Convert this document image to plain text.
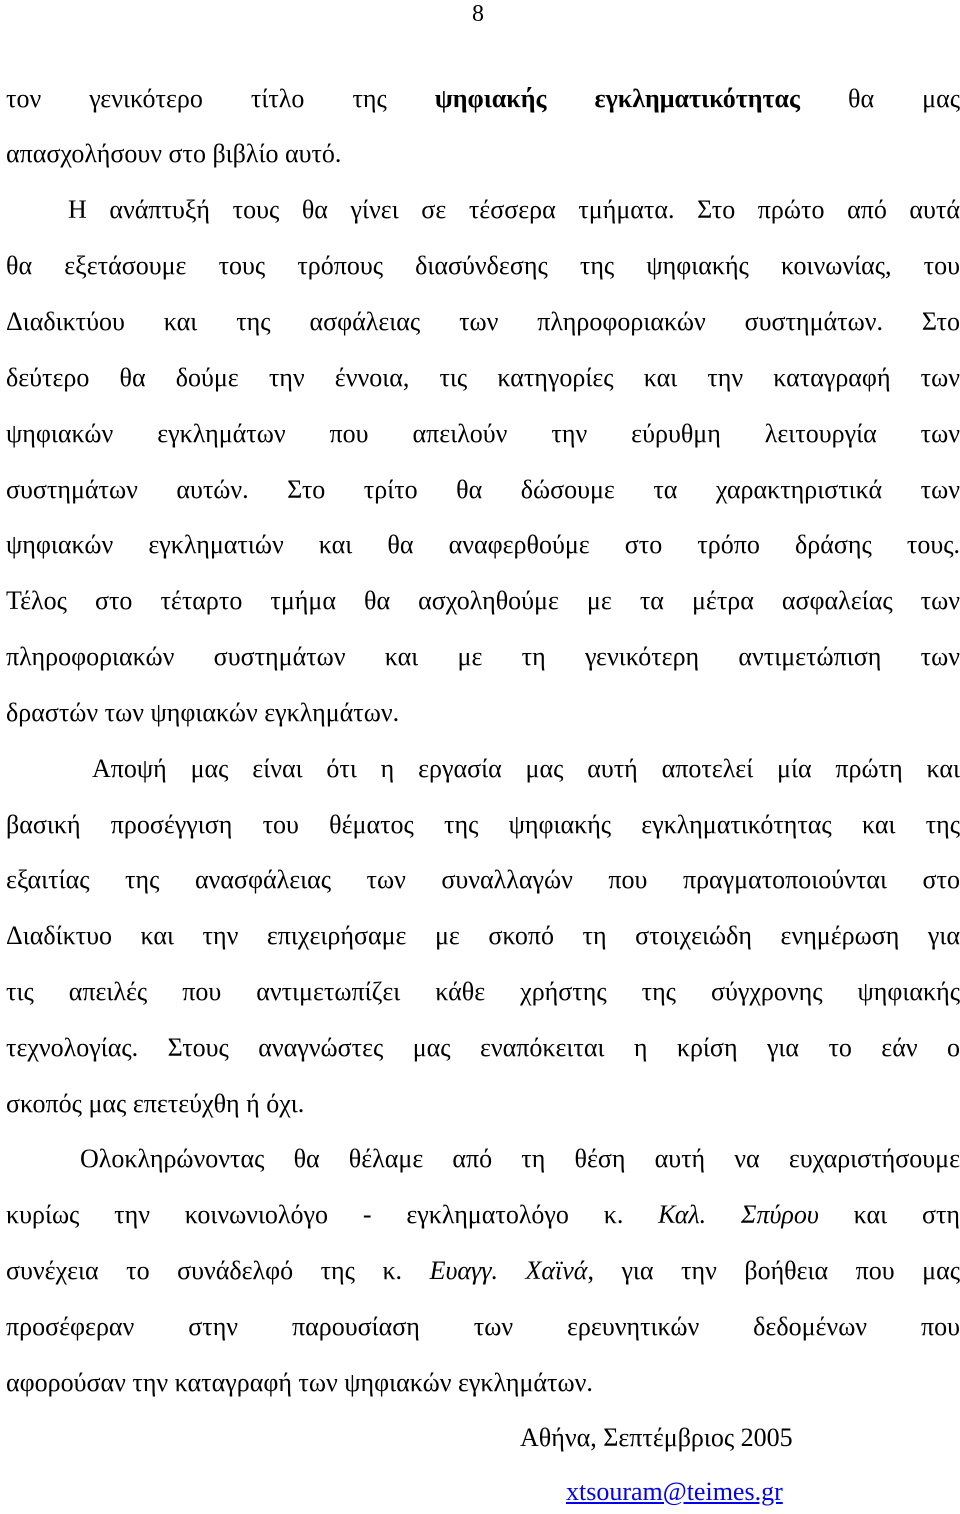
8
τον γενικότερο τίτλο της ψηφιακής εγκληματικότητας θα μας
απασχολήσουν στο βιβλίο αυτό.
Η ανάπτυξή τους θα γίνει σε τέσσερα τμήματα. Στο πρώτο από αυτά
θα εξετάσουμε τους τρόπους διασύνδεσης της ψηφιακής κοινωνίας, του
Διαδικτύου και της ασφάλειας των πληροφοριακών συστημάτων. Στο
δεύτερο θα δούμε την έννοια, τις κατηγορίες και την καταγραφή των
ψηφιακών εγκλημάτων που απειλούν την εύρυθμη λειτουργία των
συστημάτων αυτών. Στο τρίτο θα δώσουμε τα χαρακτηριστικά των
ψηφιακών εγκληματιών και θα αναφερθούμε στο τρόπο δράσης τους.
Τέλος στο τέταρτο τμήμα θα ασχοληθούμε με τα μέτρα ασφαλείας των
πληροφοριακών συστημάτων και με τη γενικότερη αντιμετώπιση των
δραστών των ψηφιακών εγκλημάτων.
Αποψή μας είναι ότι η εργασία μας αυτή αποτελεί μία πρώτη και
βασική προσέγγιση του θέματος της ψηφιακής εγκληματικότητας και της
εξαιτίας της ανασφάλειας των συναλλαγών που πραγματοποιούνται στο
Διαδίκτυο και την επιχειρήσαμε με σκοπό τη στοιχειώδη ενημέρωση για
τις απειλές που αντιμετωπίζει κάθε χρήστης της σύγχρονης ψηφιακής
τεχνολογίας. Στους αναγνώστες μας εναπόκειται η κρίση για το εάν ο
σκοπός μας επετεύχθη ή όχι.
Ολοκληρώνοντας θα θέλαμε από τη θέση αυτή να ευχαριστήσουμε
κυρίως την κοινωνιολόγο - εγκληματολόγο κ. Καλ. Σπύρου και στη
συνέχεια το συνάδελφό της κ. Ευαγγ. Χαϊνά, για την βοήθεια που μας
προσέφεραν στην παρουσίαση των ερευνητικών δεδομένων που
αφορούσαν την καταγραφή των ψηφιακών εγκλημάτων.
Αθήνα, Σεπτέμβριος 2005
xtsouram@teimes.gr
